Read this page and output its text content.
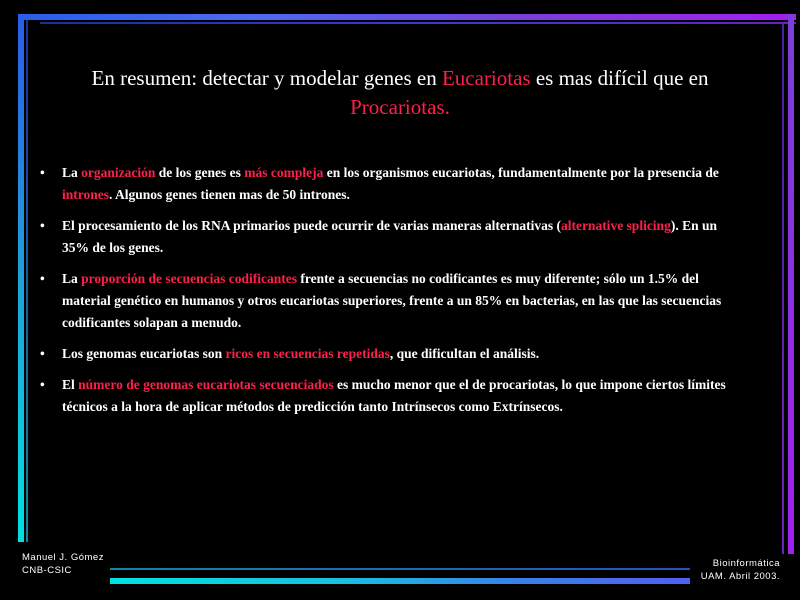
En resumen: detectar y modelar genes en Eucariotas es mas difícil que en
Procariotas.
• La organización de los genes es más compleja en los organismos eucariotas, fundamentalmente por la presencia de intrones. Algunos genes tienen mas de 50 intrones.
• El procesamiento de los RNA primarios puede ocurrir de varias maneras alternativas (alternative splicing). En un 35% de los genes.
• La proporción de secuencias codificantes frente a secuencias no codificantes es muy diferente; sólo un 1.5% del material genético en humanos y otros eucariotas superiores, frente a un 85% en bacterias, en las que las secuencias codificantes solapan a menudo.
• Los genomas eucariotas son ricos en secuencias repetidas, que dificultan el análisis.
• El número de genomas eucariotas secuenciados es mucho menor que el de procariotas, lo que impone ciertos límites técnicos a la hora de aplicar métodos de predicción tanto Intrínsecos como Extrínsecos.
Manuel J. Gómez
CNB-CSIC
Bioinformática
UAM. Abril 2003.
